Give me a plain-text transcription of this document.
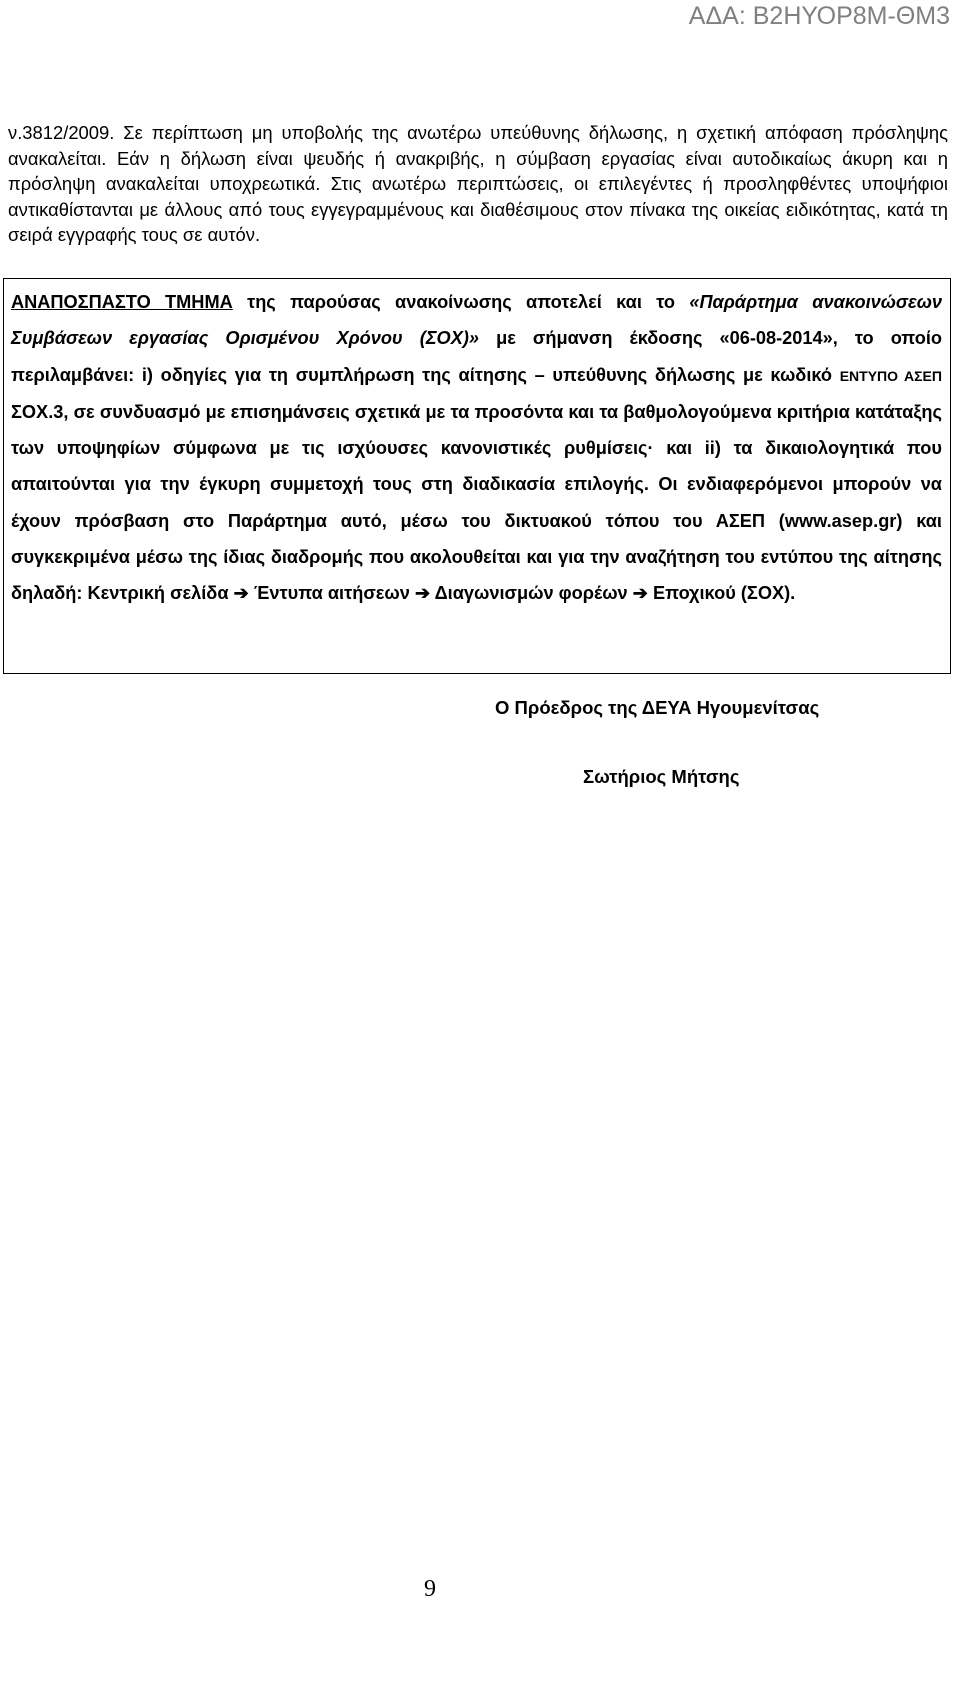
ΑΔΑ: Β2ΗΥΟΡ8Μ-ΘΜ3

ν.3812/2009. Σε περίπτωση μη υποβολής της ανωτέρω υπεύθυνης δήλωσης, η σχετική απόφαση πρόσληψης ανακαλείται. Εάν η δήλωση είναι ψευδής ή ανακριβής, η σύμβαση εργασίας είναι αυτοδικαίως άκυρη και η πρόσληψη ανακαλείται υποχρεωτικά. Στις ανωτέρω περιπτώσεις, οι επιλεγέντες ή προσληφθέντες υποψήφιοι αντικαθίστανται με άλλους από τους εγγεγραμμένους και διαθέσιμους στον πίνακα της οικείας ειδικότητας, κατά τη σειρά εγγραφής τους σε αυτόν.

ΑΝΑΠΟΣΠΑΣΤΟ ΤΜΗΜΑ της παρούσας ανακοίνωσης αποτελεί και το «Παράρτημα ανακοινώσεων Συμβάσεων εργασίας Ορισμένου Χρόνου (ΣΟΧ)» με σήμανση έκδοσης «06-08-2014», το οποίο περιλαμβάνει: i) οδηγίες για τη συμπλήρωση της αίτησης – υπεύθυνης δήλωσης με κωδικό ΕΝΤΥΠΟ ΑΣΕΠ ΣΟΧ.3, σε συνδυασμό με επισημάνσεις σχετικά με τα προσόντα και τα βαθμολογούμενα κριτήρια κατάταξης των υποψηφίων σύμφωνα με τις ισχύουσες κανονιστικές ρυθμίσεις· και ii) τα δικαιολογητικά που απαιτούνται για την έγκυρη συμμετοχή τους στη διαδικασία επιλογής. Οι ενδιαφερόμενοι μπορούν να έχουν πρόσβαση στο Παράρτημα αυτό, μέσω του δικτυακού τόπου του ΑΣΕΠ (www.asep.gr) και συγκεκριμένα μέσω της ίδιας διαδρομής που ακολουθείται και για την αναζήτηση του εντύπου της αίτησης δηλαδή: Κεντρική σελίδα ➔ Έντυπα αιτήσεων ➔ Διαγωνισμών φορέων ➔ Εποχικού (ΣΟΧ).

Ο Πρόεδρος της ΔΕΥΑ Ηγουμενίτσας
Σωτήριος Μήτσης
9
